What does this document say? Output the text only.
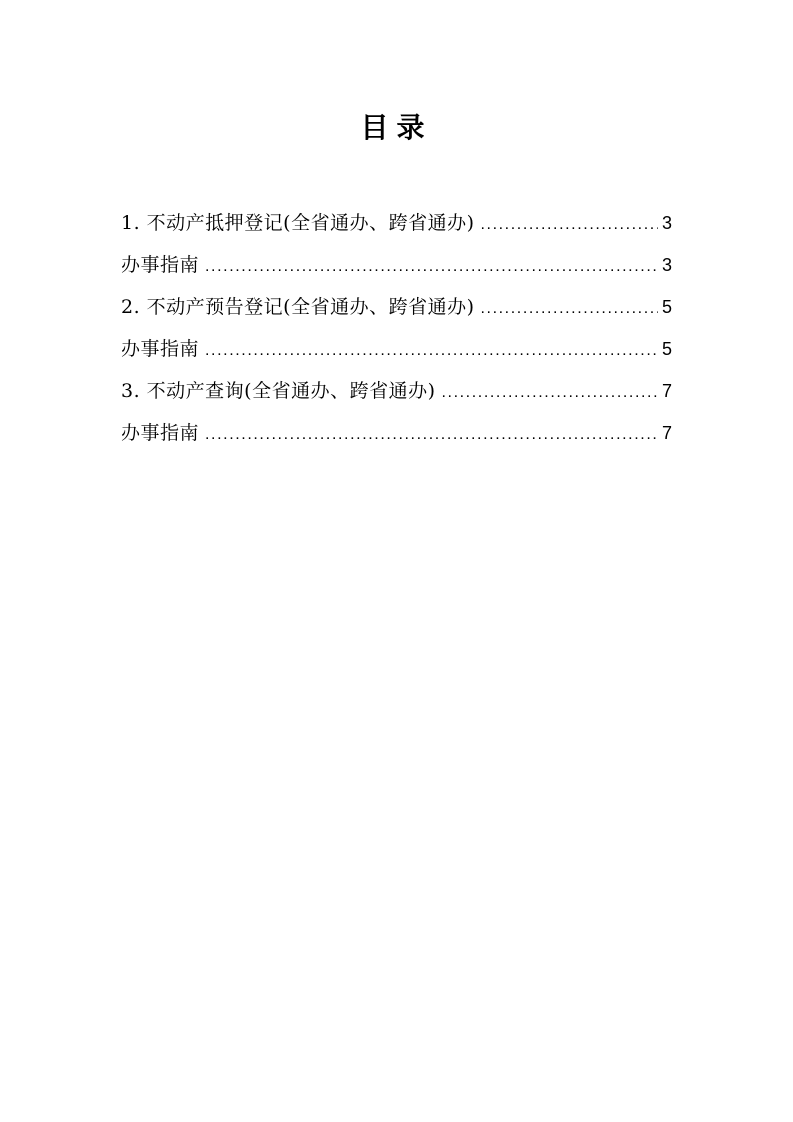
目录
1. 不动产抵押登记(全省通办、跨省通办) .....	3
办事指南 .....	3
2. 不动产预告登记(全省通办、跨省通办) .....	5
办事指南 .....	5
3. 不动产查询(全省通办、跨省通办) .....	7
办事指南 .....	7
